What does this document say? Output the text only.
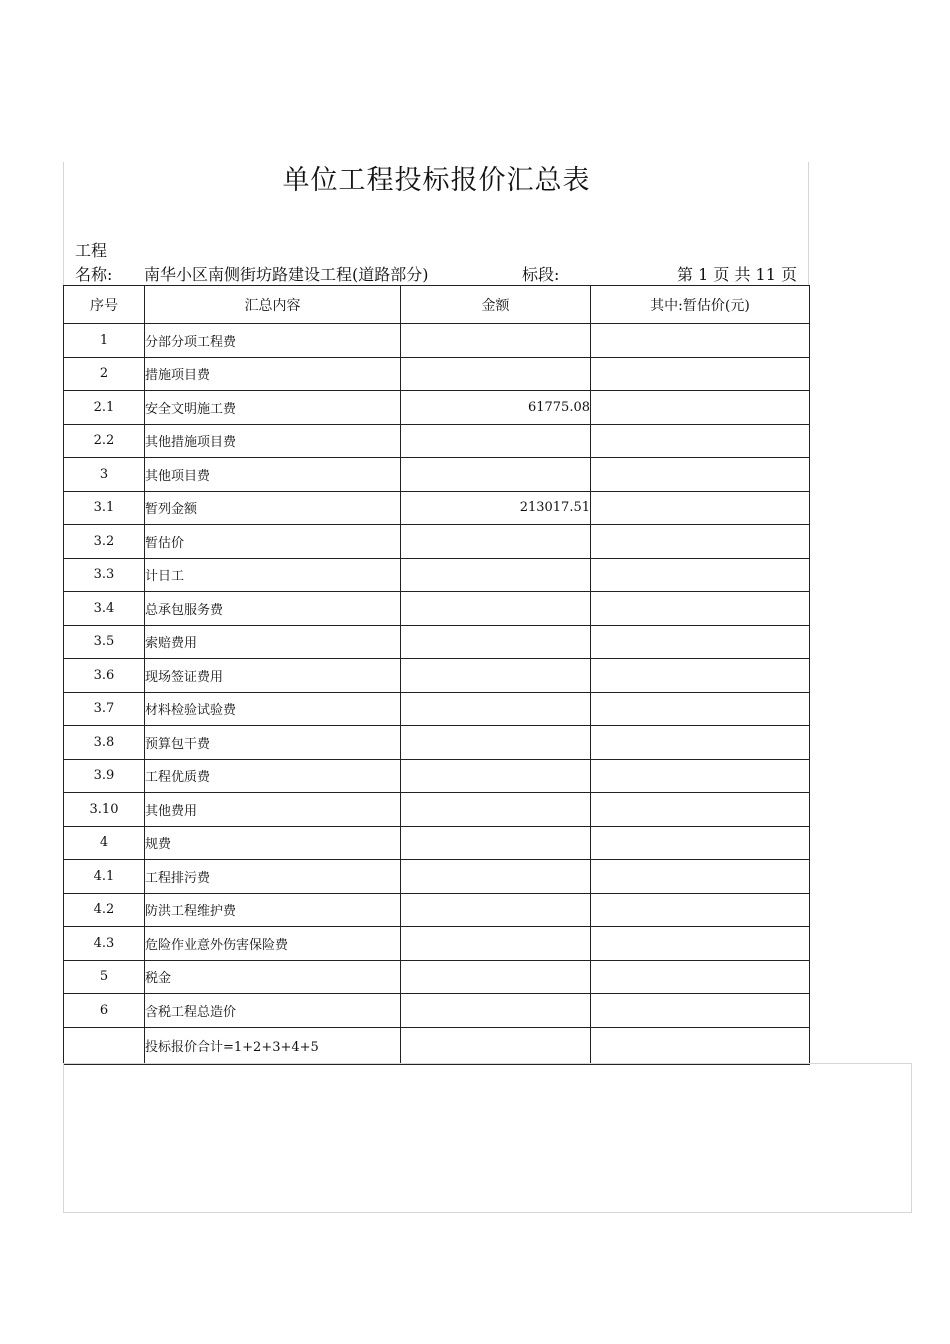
单位工程投标报价汇总表
工程
名称: 南华小区南侧街坊路建设工程(道路部分)	标段:	第 1 页 共 11 页
序号	汇总内容	金额	其中:暂估价(元)
1	分部分项工程费		
2	措施项目费		
2.1	安全文明施工费	61775.08	
2.2	其他措施项目费		
3	其他项目费		
3.1	暂列金额	213017.51	
3.2	暂估价		
3.3	计日工		
3.4	总承包服务费		
3.5	索赔费用		
3.6	现场签证费用		
3.7	材料检验试验费		
3.8	预算包干费		
3.9	工程优质费		
3.10	其他费用		
4	规费		
4.1	工程排污费		
4.2	防洪工程维护费		
4.3	危险作业意外伤害保险费		
5	税金		
6	含税工程总造价		
	投标报价合计=1+2+3+4+5		
